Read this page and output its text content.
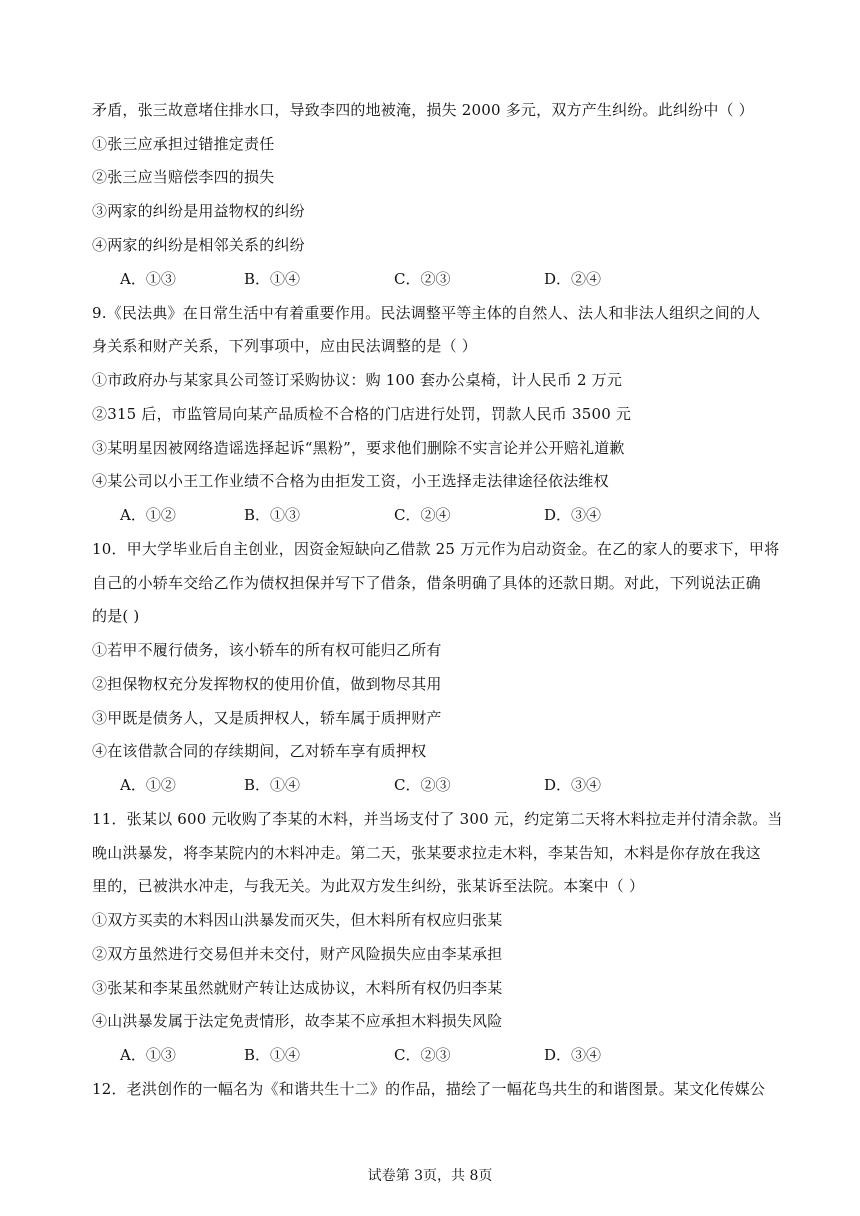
矛盾，张三故意堵住排水口，导致李四的地被淹，损失 2000 多元，双方产生纠纷。此纠纷中（ ）
①张三应承担过错推定责任
②张三应当赔偿李四的损失
③两家的纠纷是用益物权的纠纷
④两家的纠纷是相邻关系的纠纷
A．①③	B．①④	C．②③	D．②④
9.《民法典》在日常生活中有着重要作用。民法调整平等主体的自然人、法人和非法人组织之间的人
身关系和财产关系，下列事项中，应由民法调整的是（ ）
①市政府办与某家具公司签订采购协议：购 100 套办公桌椅，计人民币 2 万元
②315 后，市监管局向某产品质检不合格的门店进行处罚，罚款人民币 3500 元
③某明星因被网络造谣选择起诉“黑粉”，要求他们删除不实言论并公开赔礼道歉
④某公司以小王工作业绩不合格为由拒发工资，小王选择走法律途径依法维权
A．①②	B．①③	C．②④	D．③④
10．甲大学毕业后自主创业，因资金短缺向乙借款 25 万元作为启动资金。在乙的家人的要求下，甲将
自己的小轿车交给乙作为债权担保并写下了借条，借条明确了具体的还款日期。对此，下列说法正确
的是( )
①若甲不履行债务，该小轿车的所有权可能归乙所有
②担保物权充分发挥物权的使用价值，做到物尽其用
③甲既是债务人，又是质押权人，轿车属于质押财产
④在该借款合同的存续期间，乙对轿车享有质押权
A．①②	B．①④	C．②③	D．③④
11．张某以 600 元收购了李某的木料，并当场支付了 300 元，约定第二天将木料拉走并付清余款。当
晚山洪暴发，将李某院内的木料冲走。第二天，张某要求拉走木料，李某告知，木料是你存放在我这
里的，已被洪水冲走，与我无关。为此双方发生纠纷，张某诉至法院。本案中（ ）
①双方买卖的木料因山洪暴发而灭失，但木料所有权应归张某
②双方虽然进行交易但并未交付，财产风险损失应由李某承担
③张某和李某虽然就财产转让达成协议，木料所有权仍归李某
④山洪暴发属于法定免责情形，故李某不应承担木料损失风险
A．①③	B．①④	C．②③	D．③④
12．老洪创作的一幅名为《和谐共生十二》的作品，描绘了一幅花鸟共生的和谐图景。某文化传媒公
试卷第 3页，共 8页
